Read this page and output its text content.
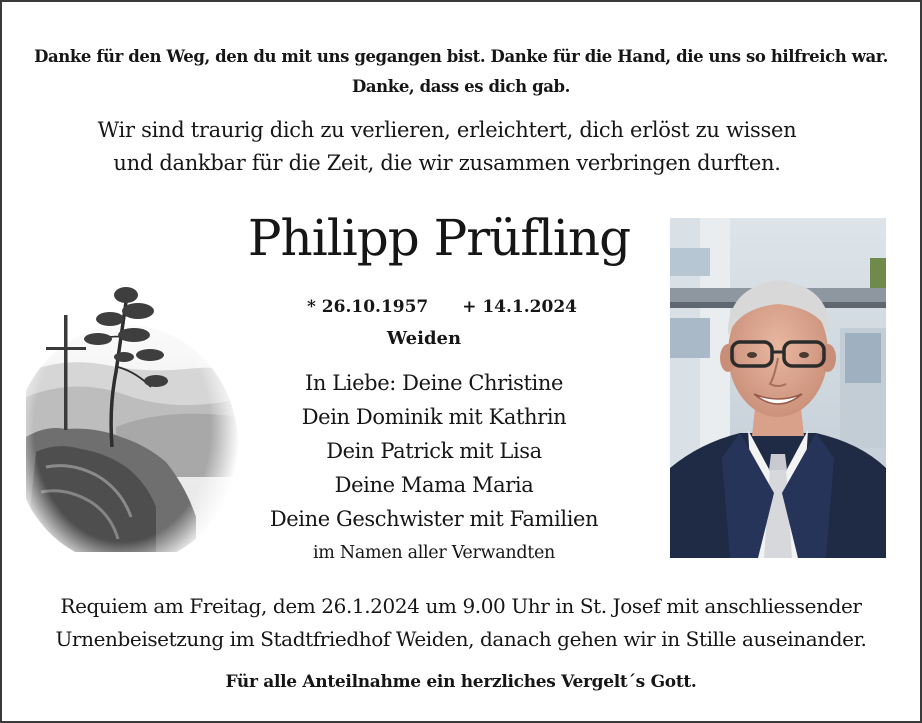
Danke für den Weg, den du mit uns gegangen bist. Danke für die Hand, die uns so hilfreich war.
Danke, dass es dich gab.
Wir sind traurig dich zu verlieren, erleichtert, dich erlöst zu wissen
und dankbar für die Zeit, die wir zusammen verbringen durften.
Philipp Prüfling
* 26.10.1957 + 14.1.2024
Weiden
In Liebe: Deine Christine
Dein Dominik mit Kathrin
Dein Patrick mit Lisa
Deine Mama Maria
Deine Geschwister mit Familien
im Namen aller Verwandten
Requiem am Freitag, dem 26.1.2024 um 9.00 Uhr in St. Josef mit anschliessender
Urnenbeisetzung im Stadtfriedhof Weiden, danach gehen wir in Stille auseinander.
Für alle Anteilnahme ein herzliches Vergelt´s Gott.
